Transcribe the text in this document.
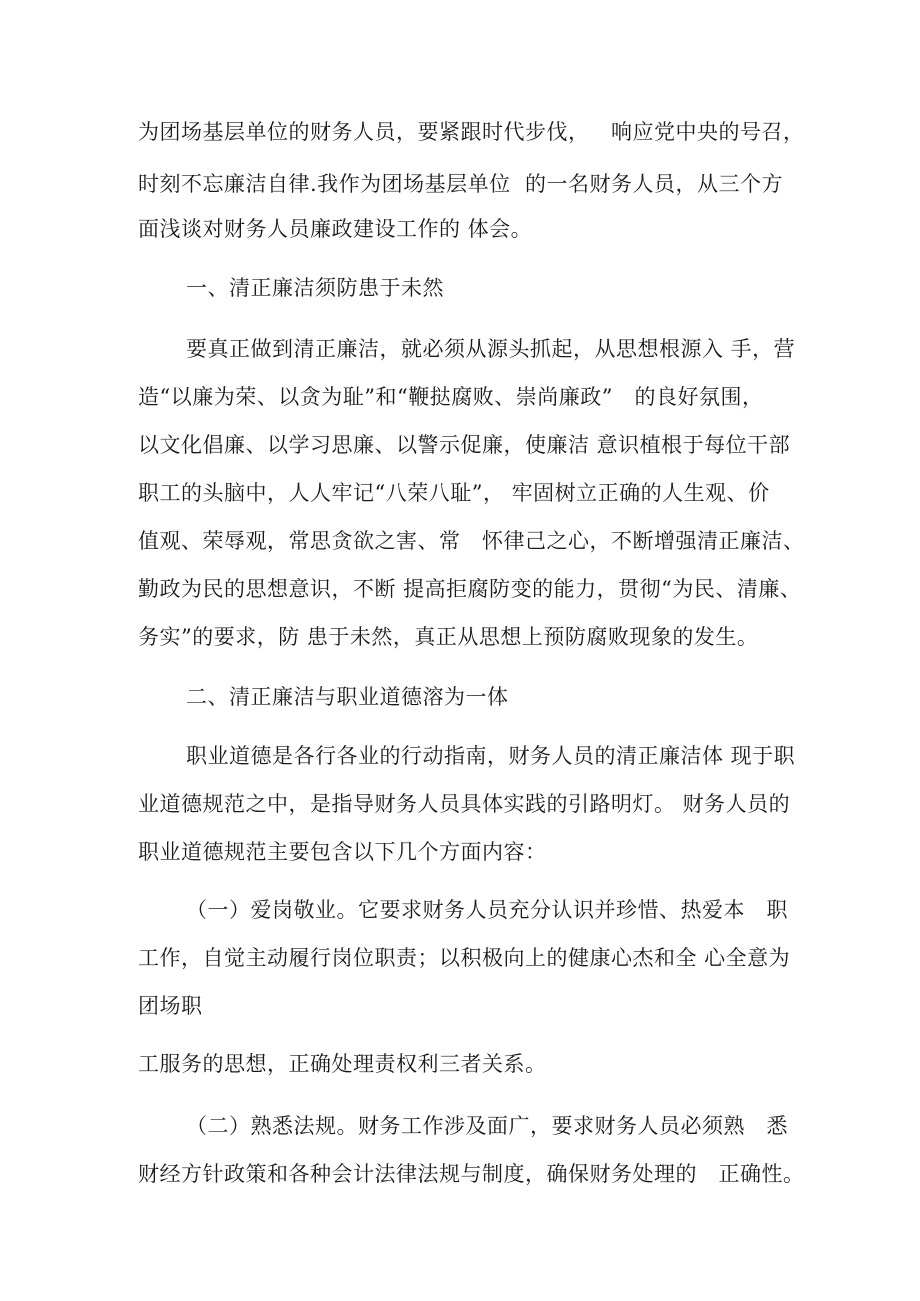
为团场基层单位的财务人员，要紧跟时代步伐，   响应党中央的号召，
时刻不忘廉洁自律.我作为团场基层单位  的一名财务人员，从三个方
面浅谈对财务人员廉政建设工作的 体会。
一、清正廉洁须防患于未然
要真正做到清正廉洁，就必须从源头抓起，从思想根源入 手，营
造“以廉为荣、以贪为耻”和“鞭挞腐败、崇尚廉政”   的良好氛围，
以文化倡廉、以学习思廉、以警示促廉，使廉洁 意识植根于每位干部
职工的头脑中，人人牢记“八荣八耻”， 牢固树立正确的人生观、价
值观、荣辱观，常思贪欲之害、常   怀律己之心，不断增强清正廉洁、
勤政为民的思想意识，不断 提高拒腐防变的能力，贯彻“为民、清廉、
务实”的要求，防 患于未然，真正从思想上预防腐败现象的发生。
二、清正廉洁与职业道德溶为一体
职业道德是各行各业的行动指南，财务人员的清正廉洁体 现于职
业道德规范之中，是指导财务人员具体实践的引路明灯。 财务人员的
职业道德规范主要包含以下几个方面内容：
（一）爱岗敬业。它要求财务人员充分认识并珍惜、热爱本   职
工作，自觉主动履行岗位职责；以积极向上的健康心杰和全 心全意为
团场职
工服务的思想，正确处理责权利三者关系。
（二）熟悉法规。财务工作涉及面广，要求财务人员必须熟   悉
财经方针政策和各种会计法律法规与制度，确保财务处理的   正确性。
